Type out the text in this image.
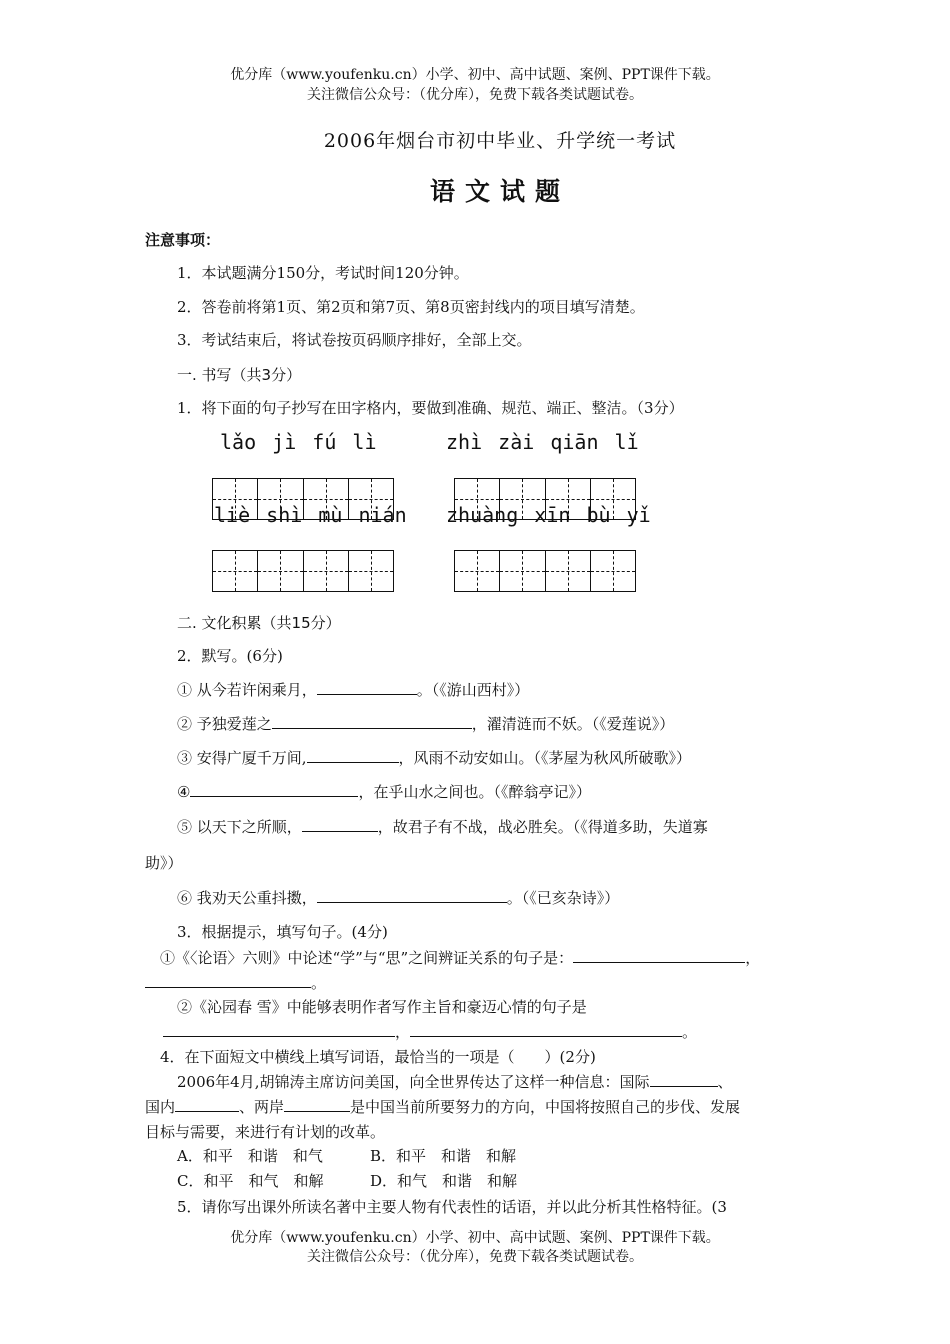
优分库（www.youfenku.cn）小学、初中、高中试题、案例、PPT课件下载。
关注微信公众号：（优分库），免费下载各类试题试卷。
2006年烟台市初中毕业、升学统一考试
语文试题
注意事项：
1．本试题满分150分，考试时间120分钟。
2．答卷前将第1页、第2页和第7页、第8页密封线内的项目填写清楚。
3．考试结束后，将试卷按页码顺序排好，全部上交。
一. 书写（共3分）
1．将下面的句子抄写在田字格内，要做到准确、规范、端正、整洁。（3分）
lǎo jì fú lì	zhì zài qiān lǐ
liè shì mù nián zhuàng xīn bù yǐ
二. 文化积累（共15分）
2．默写。(6分)
① 从今若许闲乘月，	。（《游山西村》）
② 予独爱莲之	，濯清涟而不妖。（《爱莲说》）
③ 安得广厦千万间,	，风雨不动安如山。（《茅屋为秋风所破歌》）
④	，在乎山水之间也。（《醉翁亭记》）
⑤ 以天下之所顺，	，故君子有不战，战必胜矣。（《得道多助，失道寡
助》）
⑥ 我劝天公重抖擞，	。（《已亥杂诗》）
3．根据提示，填写句子。(4分)
①《〈论语〉六则》中论述“学”与“思”之间辨证关系的句子是：	，
。
②《沁园春 雪》中能够表明作者写作主旨和豪迈心情的句子是
，	。
4．在下面短文中横线上填写词语，最恰当的一项是（　　）(2分)
2006年4月,胡锦涛主席访问美国，向全世界传达了这样一种信息：国际	、
国内	、两岸	是中国当前所要努力的方向，中国将按照自己的步伐、发展
目标与需要，来进行有计划的改革。
A．和平　和谐　和气	B．和平　和谐　和解
C．和平　和气　和解	D．和气　和谐　和解
5．请你写出课外所读名著中主要人物有代表性的话语，并以此分析其性格特征。(3
优分库（www.youfenku.cn）小学、初中、高中试题、案例、PPT课件下载。
关注微信公众号：（优分库），免费下载各类试题试卷。
